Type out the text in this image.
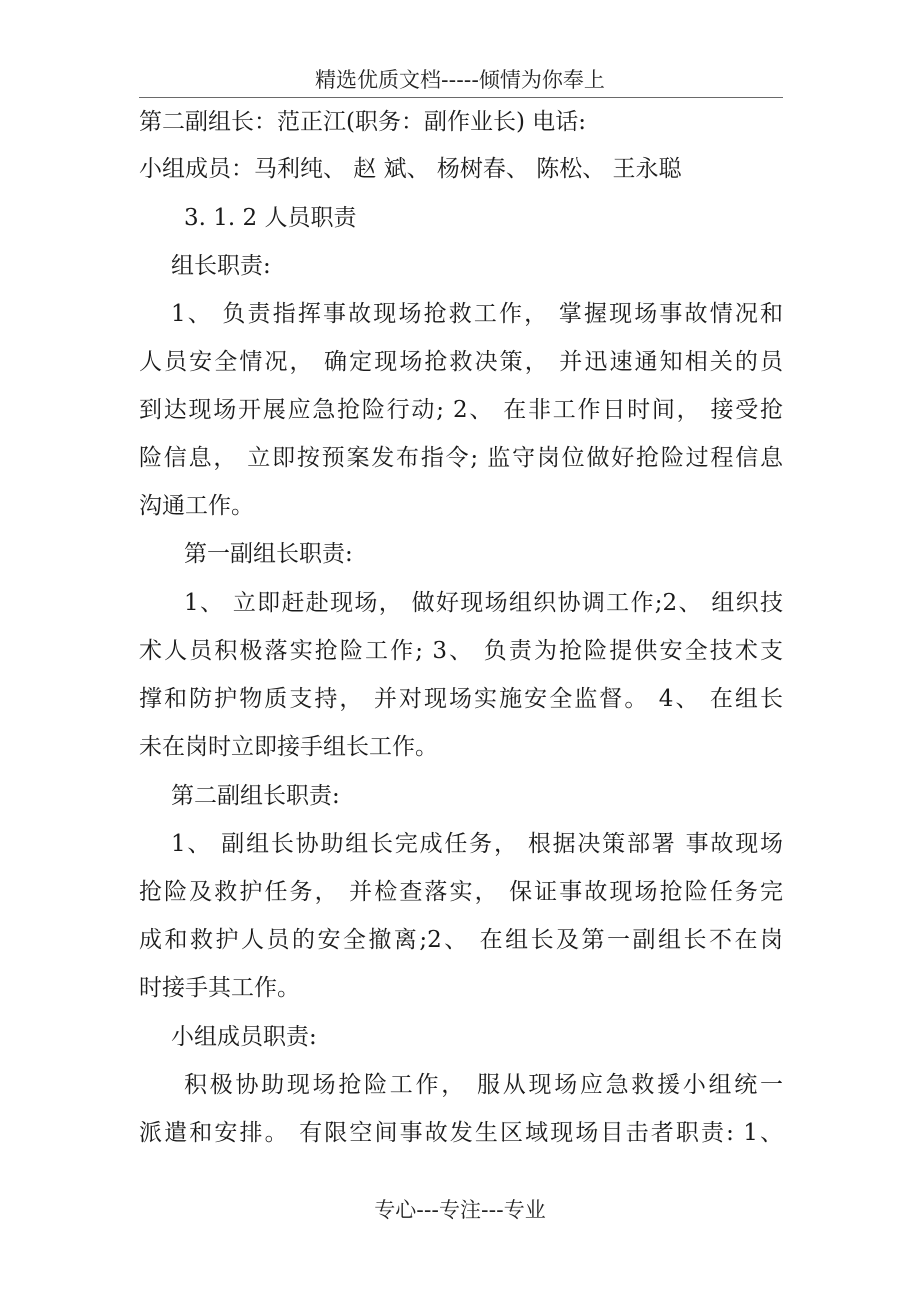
精选优质文档-----倾情为你奉上
第二副组长：范正江(职务：副作业长) 电话:
小组成员：马利纯、 赵 斌、 杨树春、 陈松、 王永聪
3. 1. 2 人员职责
组长职责:
1、 负责指挥事故现场抢救工作， 掌握现场事故情况和
人员安全情况， 确定现场抢救决策， 并迅速通知相关的员
到达现场开展应急抢险行动; 2、 在非工作日时间， 接受抢
险信息， 立即按预案发布指令; 监守岗位做好抢险过程信息
沟通工作。
第一副组长职责:
1、 立即赶赴现场， 做好现场组织协调工作;2、 组织技
术人员积极落实抢险工作; 3、 负责为抢险提供安全技术支
撑和防护物质支持， 并对现场实施安全监督。 4、 在组长
未在岗时立即接手组长工作。
第二副组长职责:
1、 副组长协助组长完成任务， 根据决策部署 事故现场
抢险及救护任务， 并检查落实， 保证事故现场抢险任务完
成和救护人员的安全撤离;2、 在组长及第一副组长不在岗
时接手其工作。
小组成员职责:
积极协助现场抢险工作， 服从现场应急救援小组统一
派遣和安排。 有限空间事故发生区域现场目击者职责: 1、
专心---专注---专业
